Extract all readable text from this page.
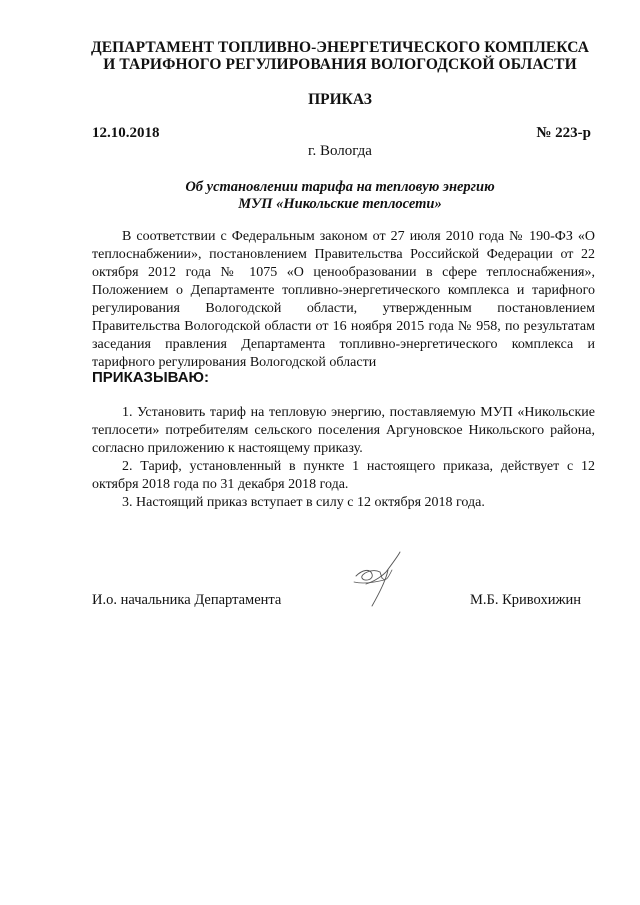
ДЕПАРТАМЕНТ ТОПЛИВНО-ЭНЕРГЕТИЧЕСКОГО КОМПЛЕКСА
И ТАРИФНОГО РЕГУЛИРОВАНИЯ ВОЛОГОДСКОЙ ОБЛАСТИ
ПРИКАЗ
12.10.2018	№ 223-р
г. Вологда
Об установлении тарифа на тепловую энергию
МУП «Никольские теплосети»
В соответствии с Федеральным законом от 27 июля 2010 года № 190-ФЗ «О теплоснабжении», постановлением Правительства Российской Федерации от 22 октября 2012 года № 1075 «О ценообразовании в сфере теплоснабжения», Положением о Департаменте топливно-энергетического комплекса и тарифного регулирования Вологодской области, утвержденным постановлением Правительства Вологодской области от 16 ноября 2015 года № 958, по результатам заседания правления Департамента топливно-энергетического комплекса и тарифного регулирования Вологодской области
ПРИКАЗЫВАЮ:
1. Установить тариф на тепловую энергию, поставляемую МУП «Никольские теплосети» потребителям сельского поселения Аргуновское Никольского района, согласно приложению к настоящему приказу.
2. Тариф, установленный в пункте 1 настоящего приказа, действует с 12 октября 2018 года по 31 декабря 2018 года.
3. Настоящий приказ вступает в силу с 12 октября 2018 года.
И.о. начальника Департамента	М.Б. Кривохижин
